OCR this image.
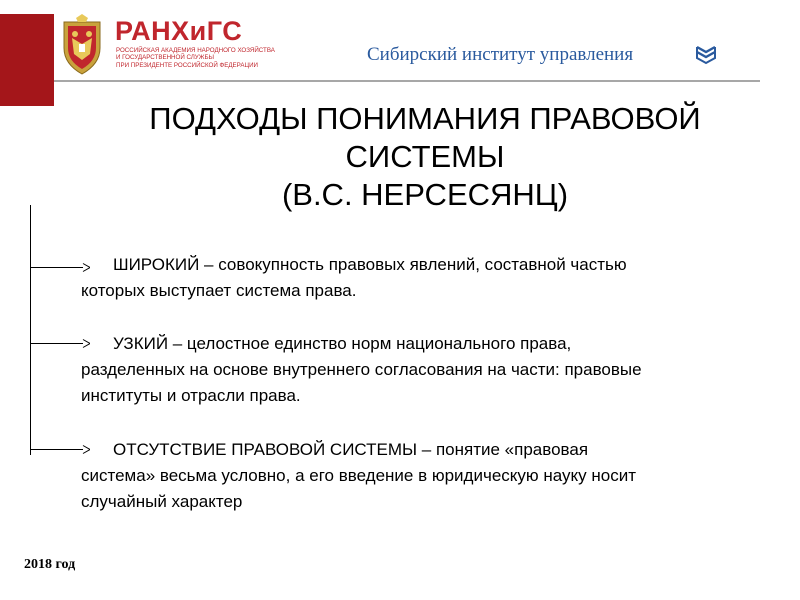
РАНХиГС
РОССИЙСКАЯ АКАДЕМИЯ НАРОДНОГО ХОЗЯЙСТВА
И ГОСУДАРСТВЕННОЙ СЛУЖБЫ
ПРИ ПРЕЗИДЕНТЕ РОССИЙСКОЙ ФЕДЕРАЦИИ
Сибирский институт управления
ПОДХОДЫ ПОНИМАНИЯ ПРАВОВОЙ
СИСТЕМЫ
(В.С. НЕРСЕСЯНЦ)
ШИРОКИЙ – совокупность правовых явлений, составной частью
которых выступает система права.
УЗКИЙ – целостное единство норм национального права,
разделенных на основе внутреннего согласования на части: правовые
институты и отрасли права.
ОТСУТСТВИЕ ПРАВОВОЙ СИСТЕМЫ – понятие «правовая
система» весьма условно, а его введение в юридическую науку носит
случайный характер
2018 год
